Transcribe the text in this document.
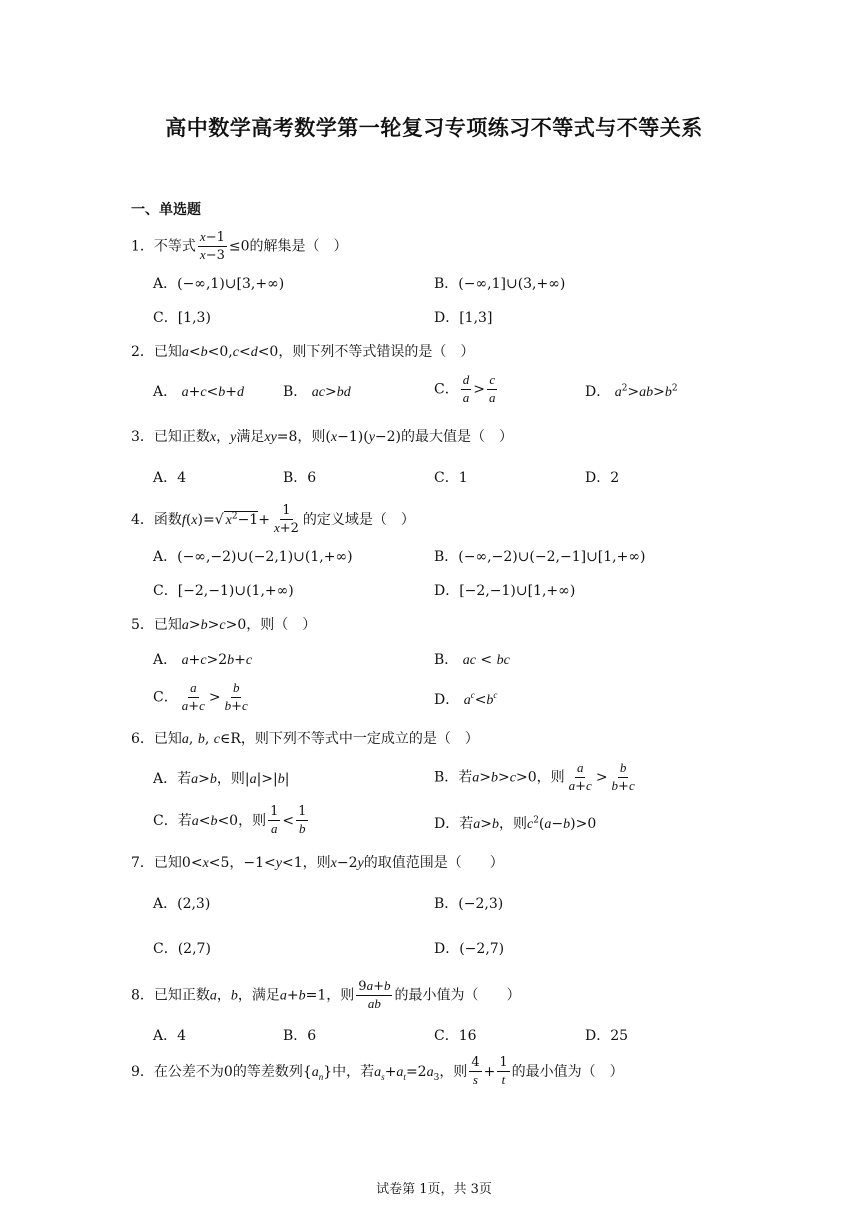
高中数学高考数学第一轮复习专项练习不等式与不等关系
一、单选题
1．不等式 $\frac{x-1}{x-3} \le 0$的解集是（　）
A．(−∞,1)∪[3,+∞)	B．(−∞,1]∪(3,+∞)
C．[1,3)	D．[1,3]
2．已知a<b<0,c<d<0，则下列不等式错误的是（　）
A． a+c<b+d	B． ac>bd	C． $\frac{d}{a} > \frac{c}{a}$	D． $a^2>ab>b^2$
3．已知正数x，y满足xy=8，则(x−1)(y−2)的最大值是（　）
A．4	B．6	C．1	D．2
4．函数f(x)=√ $x^2-1+ \frac{1}{x+2}$ 的定义域是（　）
A．(−∞,−2)∪(−2,1)∪(1,+∞)	B．(−∞,−2)∪(−2,−1]∪[1,+∞)
C．[−2,−1)∪(1,+∞)	D．[−2,−1)∪[1,+∞)
5．已知a>b>c>0，则（　）
A． a+c>2b+c	B． ac < bc
C． $\frac{a}{a+c} > \frac{b}{b+c}$	D． $a^c<b^c$
6．已知a, b, c∈R，则下列不等式中一定成立的是（　）
A．若a>b，则|a|>|b|	B．若a>b>c>0，则 $\frac{a}{a+c} > \frac{b}{b+c}$
C．若a<b<0，则 $\frac{1}{a} < \frac{1}{b}$	D．若a>b，则$c^2(a-b)>0$
7．已知0<x<5，−1<y<1，则x−2y的取值范围是（　　）
A．(2,3)	B．(−2,3)
C．(2,7)	D．(−2,7)
8．已知正数a，b，满足a+b=1，则 $\frac{9a+b}{ab}$ 的最小值为（　　）
A．4	B．6	C．16	D．25
9．在公差不为0的等差数列$\{a_n\}$中，若$a_s+a_t=2a_3$，则 $\frac{4}{s} + \frac{1}{t}$ 的最小值为（　）
试卷第 1页，共 3页
